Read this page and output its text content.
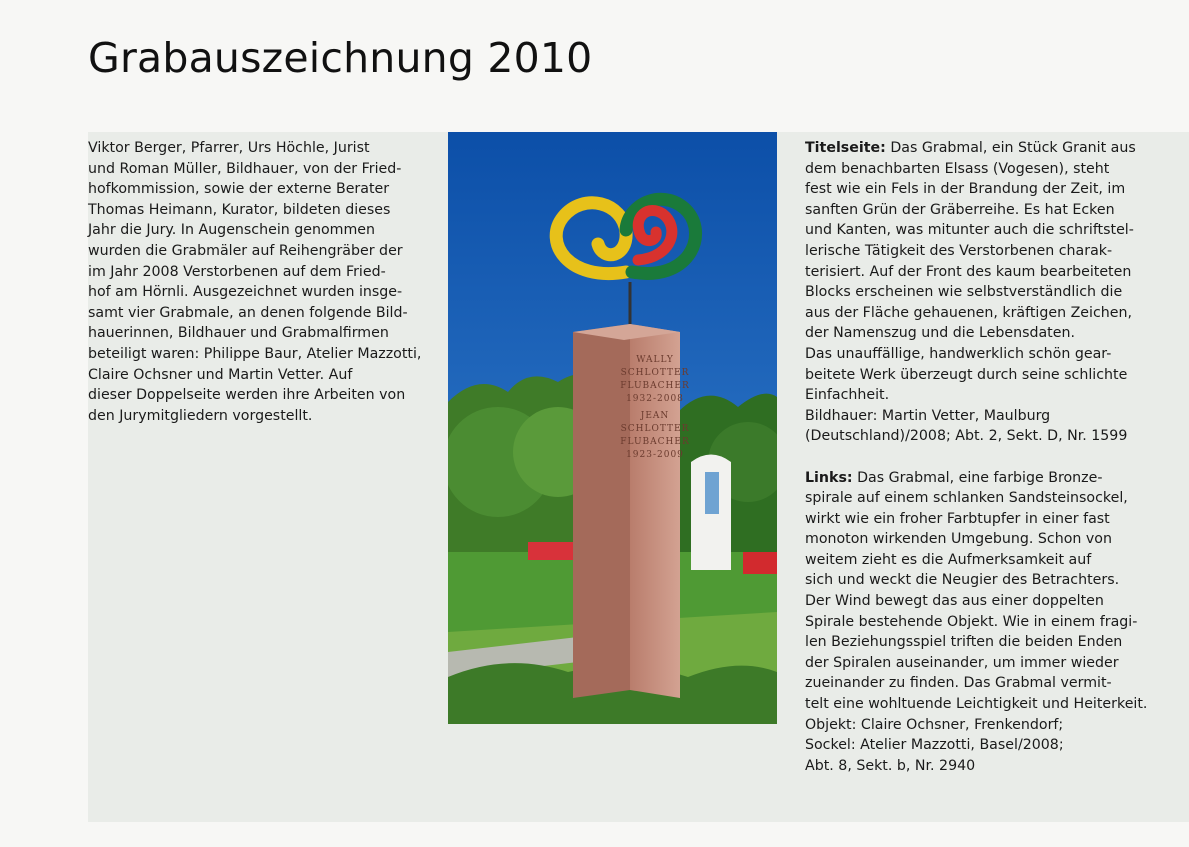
Grabauszeichnung 2010

Viktor Berger, Pfarrer, Urs Höchle, Jurist

und Roman Müller, Bildhauer, von der Fried-

hofkommission, sowie der externe Berater

Thomas Heimann, Kurator, bildeten dieses

Jahr die Jury. In Augenschein genommen

wurden die Grabmäler auf Reihengräber der

im Jahr 2008 Verstorbenen auf dem Fried-

hof am Hörnli. Ausgezeichnet wurden insge-

samt vier Grabmale, an denen folgende Bild-

hauerinnen, Bildhauer und Grabmalfirmen

beteiligt waren: Philippe Baur, Atelier Mazzotti,

Claire Ochsner und Martin Vetter. Auf

dieser Doppelseite werden ihre Arbeiten von

den Jurymitgliedern vorgestellt.

WALLY
SCHLOTTER
FLUBACHER
1932-2008
JEAN
SCHLOTTER
FLUBACHER
1923-2009

Titelseite: Das Grabmal, ein Stück Granit aus

dem benachbarten Elsass (Vogesen), steht

fest wie ein Fels in der Brandung der Zeit, im

sanften Grün der Gräberreihe. Es hat Ecken

und Kanten, was mitunter auch die schriftstel-

lerische Tätigkeit des Verstorbenen charak-

terisiert. Auf der Front des kaum bearbeiteten

Blocks erscheinen wie selbstverständlich die

aus der Fläche gehauenen, kräftigen Zeichen,

der Namenszug und die Lebensdaten.

Das unauffällige, handwerklich schön gear-

beitete Werk überzeugt durch seine schlichte

Einfachheit.

Bildhauer: Martin Vetter, Maulburg

(Deutschland)/2008; Abt. 2, Sekt. D, Nr. 1599

Links: Das Grabmal, eine farbige Bronze-

spirale auf einem schlanken Sandsteinsockel,

wirkt wie ein froher Farbtupfer in einer fast

monoton wirkenden Umgebung. Schon von

weitem zieht es die Aufmerksamkeit auf

sich und weckt die Neugier des Betrachters.

Der Wind bewegt das aus einer doppelten

Spirale bestehende Objekt. Wie in einem fragi-

len Beziehungsspiel triften die beiden Enden

der Spiralen auseinander, um immer wieder

zueinander zu finden. Das Grabmal vermit-

telt eine wohltuende Leichtigkeit und Heiterkeit.

Objekt: Claire Ochsner, Frenkendorf;

Sockel: Atelier Mazzotti, Basel/2008;

Abt. 8, Sekt. b, Nr. 2940
